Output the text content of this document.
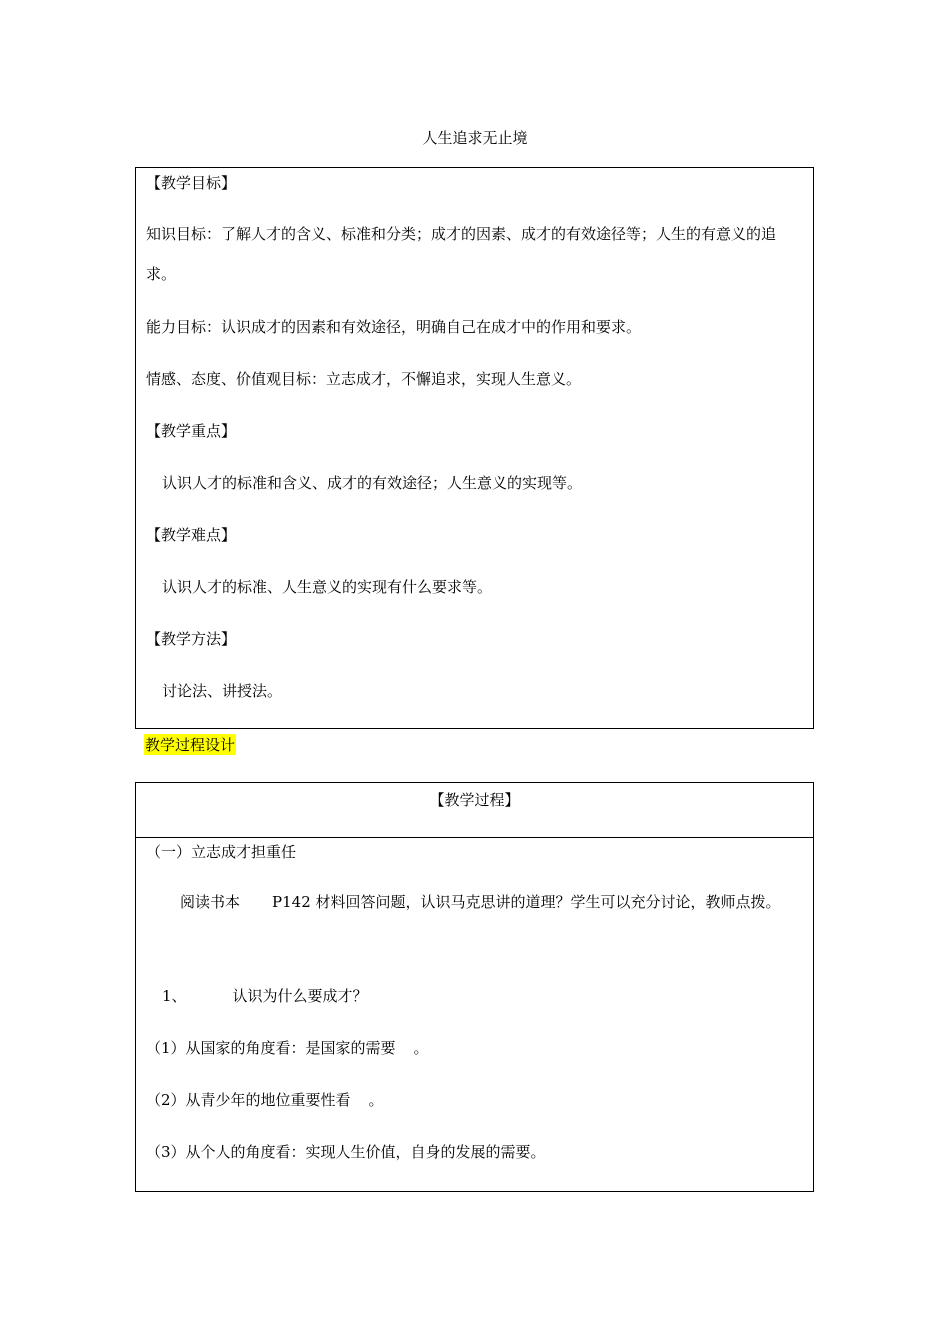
人生追求无止境
【教学目标】
知识目标：了解人才的含义、标准和分类；成才的因素、成才的有效途径等；人生的有意义的追求。
能力目标：认识成才的因素和有效途径，明确自己在成才中的作用和要求。
情感、态度、价值观目标：立志成才，不懈追求，实现人生意义。
【教学重点】
认识人才的标准和含义、成才的有效途径；人生意义的实现等。
【教学难点】
认识人才的标准、人生意义的实现有什么要求等。
【教学方法】
讨论法、讲授法。
教学过程设计
【教学过程】
（一）立志成才担重任
阅读书本 P142 材料回答问题，认识马克思讲的道理？学生可以充分讨论，教师点拨。
1、	认识为什么要成才？
（1）从国家的角度看：是国家的需要 。
（2）从青少年的地位重要性看 。
（3）从个人的角度看：实现人生价值，自身的发展的需要。
